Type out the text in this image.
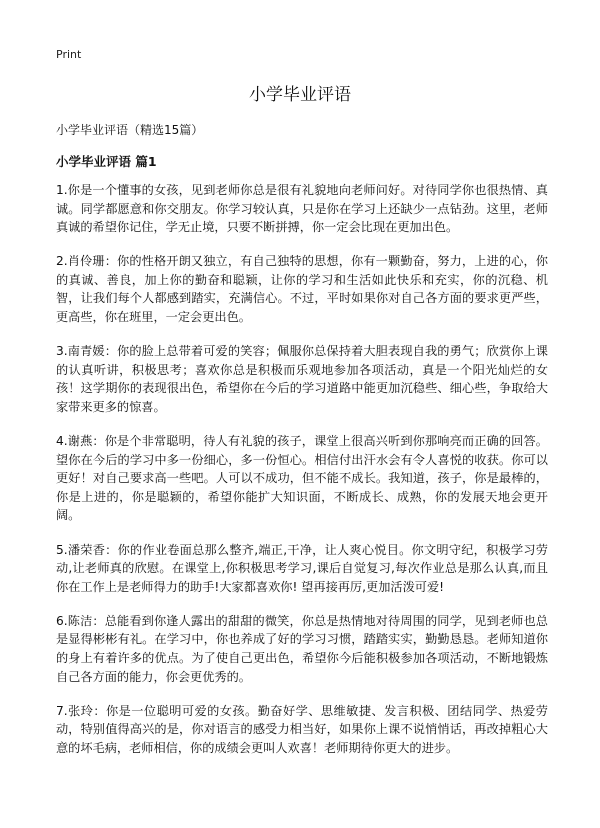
Print
小学毕业评语
小学毕业评语（精选15篇）
小学毕业评语 篇1

1.你是一个懂事的女孩，见到老师你总是很有礼貌地向老师问好。对待同学你也很热情、真诚。同学都愿意和你交朋友。你学习较认真，只是你在学习上还缺少一点钻劲。这里，老师真诚的希望你记住，学无止境，只要不断拼搏，你一定会比现在更加出色。

2.肖伶珊：你的性格开朗又独立，有自己独特的思想，你有一颗勤奋，努力，上进的心，你的真诚、善良，加上你的勤奋和聪颖，让你的学习和生活如此快乐和充实，你的沉稳、机智，让我们每个人都感到踏实，充满信心。不过，平时如果你对自己各方面的要求更严些，更高些，你在班里，一定会更出色。

3.南青媛：你的脸上总带着可爱的笑容；佩服你总保持着大胆表现自我的勇气；欣赏你上课的认真听讲，积极思考；喜欢你总是积极而乐观地参加各项活动，真是一个阳光灿烂的女孩！这学期你的表现很出色，希望你在今后的学习道路中能更加沉稳些、细心些，争取给大家带来更多的惊喜。

4.谢燕：你是个非常聪明，待人有礼貌的孩子，课堂上很高兴听到你那响亮而正确的回答。望你在今后的学习中多一份细心，多一份恒心。相信付出汗水会有令人喜悦的收获。你可以更好！对自己要求高一些吧。人可以不成功，但不能不成长。我知道，孩子，你是最棒的，你是上进的，你是聪颖的，希望你能扩大知识面，不断成长、成熟，你的发展天地会更开阔。

5.潘荣香：你的作业卷面总那么整齐,端正,干净，让人爽心悦目。你文明守纪，积极学习劳动,让老师真的欣慰。在课堂上,你积极思考学习,课后自觉复习,每次作业总是那么认真,而且你在工作上是老师得力的助手!大家都喜欢你! 望再接再厉,更加活泼可爱!

6.陈洁：总能看到你逢人露出的甜甜的微笑，你总是热情地对待周围的同学，见到老师也总是显得彬彬有礼。在学习中，你也养成了好的学习习惯，踏踏实实，勤勤恳恳。老师知道你的身上有着许多的优点。为了使自己更出色，希望你今后能积极参加各项活动，不断地锻炼自己各方面的能力，你会更优秀的。

7.张玲：你是一位聪明可爱的女孩。勤奋好学、思维敏捷、发言积极、团结同学、热爱劳动，特别值得高兴的是，你对语言的感受力相当好，如果你上课不说悄悄话，再改掉粗心大意的坏毛病，老师相信，你的成绩会更叫人欢喜！老师期待你更大的进步。
